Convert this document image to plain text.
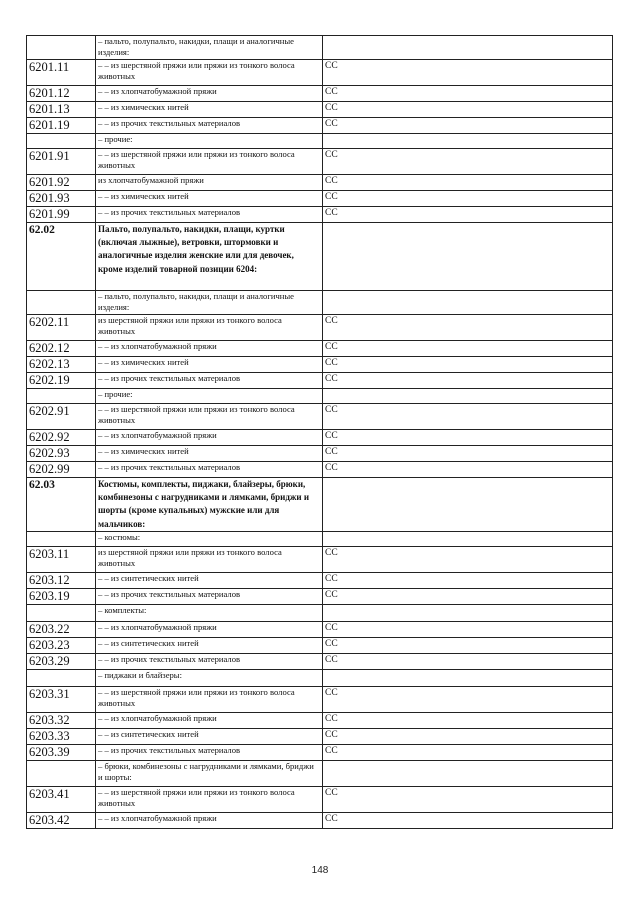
	– пальто, полупальто, накидки, плащи и аналогичные изделия:	
6201.11	– – из шерстяной пряжи или пряжи из тонкого волоса животных	СС
6201.12	– – из хлопчатобумажной пряжи	СС
6201.13	– – из химических нитей	СС
6201.19	– – из прочих текстильных материалов	СС
	– прочие:	
6201.91	– – из шерстяной пряжи или пряжи из тонкого волоса животных	СС
6201.92	из хлопчатобумажной пряжи	СС
6201.93	– – из химических нитей	СС
6201.99	– – из прочих текстильных материалов	СС
62.02	Пальто, полупальто, накидки, плащи, куртки (включая лыжные), ветровки, штормовки и аналогичные изделия женские или для девочек, кроме изделий товарной позиции 6204:	
	– пальто, полупальто, накидки, плащи и аналогичные изделия:	
6202.11	из шерстяной пряжи или пряжи из тонкого волоса животных	СС
6202.12	– – из хлопчатобумажной пряжи	СС
6202.13	– – из химических нитей	СС
6202.19	– – из прочих текстильных материалов	СС
	– прочие:	
6202.91	– – из шерстяной пряжи или пряжи из тонкого волоса животных	СС
6202.92	– – из хлопчатобумажной пряжи	СС
6202.93	– – из химических нитей	СС
6202.99	– – из прочих текстильных материалов	СС
62.03	Костюмы, комплекты, пиджаки, блайзеры, брюки, комбинезоны с нагрудниками и лямками, бриджи и шорты (кроме купальных) мужские или для мальчиков:	
	– костюмы:	
6203.11	из шерстяной пряжи или пряжи из тонкого волоса животных	СС
6203.12	– – из синтетических нитей	СС
6203.19	– – из прочих текстильных материалов	СС
	– комплекты:	
6203.22	– – из хлопчатобумажной пряжи	СС
6203.23	– – из синтетических нитей	СС
6203.29	– – из прочих текстильных материалов	СС
	– пиджаки и блайзеры:	
6203.31	– – из шерстяной пряжи или пряжи из тонкого волоса животных	СС
6203.32	– – из хлопчатобумажной пряжи	СС
6203.33	– – из синтетических нитей	СС
6203.39	– – из прочих текстильных материалов	СС
	– брюки, комбинезоны с нагрудниками и лямками, бриджи и шорты:	
6203.41	– – из шерстяной пряжи или пряжи из тонкого волоса животных	СС
6203.42	– – из хлопчатобумажной пряжи	СС
148
